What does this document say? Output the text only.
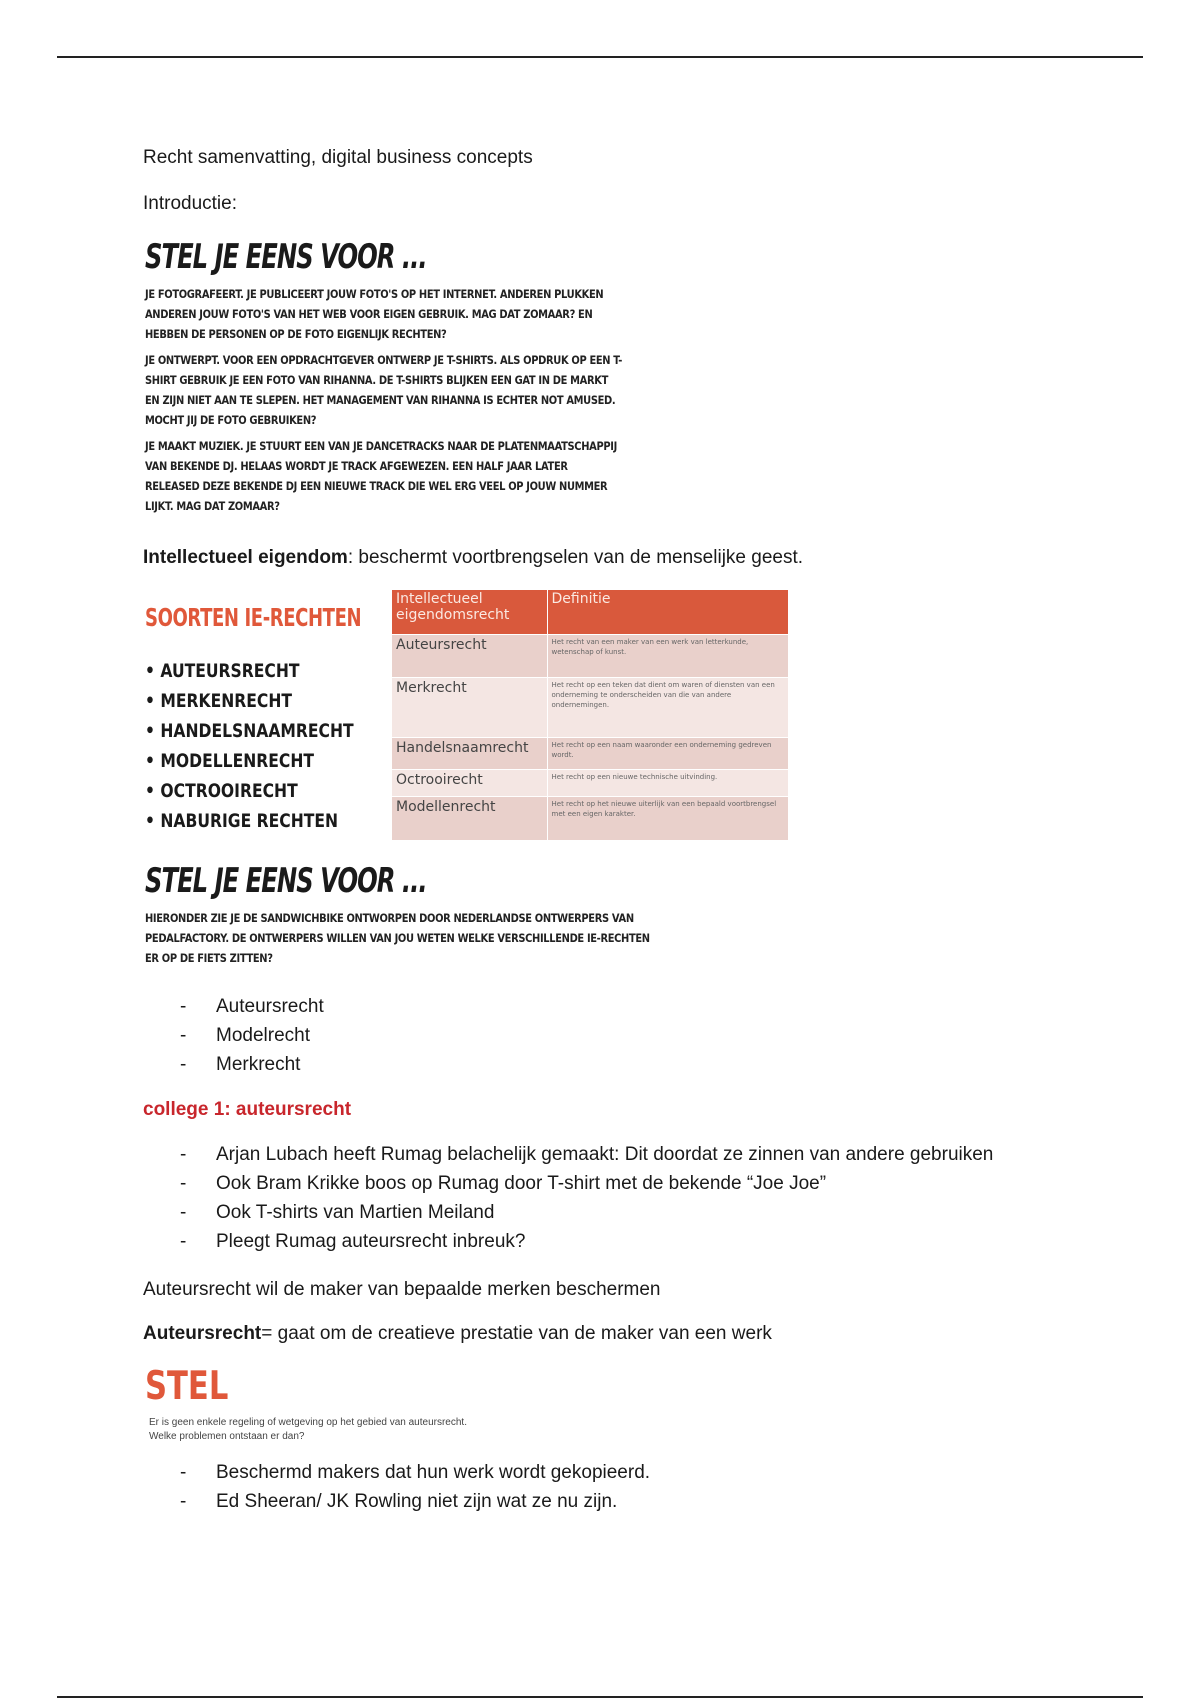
Recht samenvatting, digital business concepts
Introductie:
STEL JE EENS VOOR ...
JE FOTOGRAFEERT. JE PUBLICEERT JOUW FOTO'S OP HET INTERNET. ANDEREN PLUKKEN ANDEREN JOUW FOTO'S VAN HET WEB VOOR EIGEN GEBRUIK. MAG DAT ZOMAAR? EN HEBBEN DE PERSONEN OP DE FOTO EIGENLIJK RECHTEN?
JE ONTWERPT. VOOR EEN OPDRACHTGEVER ONTWERP JE T-SHIRTS. ALS OPDRUK OP EEN T-SHIRT GEBRUIK JE EEN FOTO VAN RIHANNA. DE T-SHIRTS BLIJKEN EEN GAT IN DE MARKT EN ZIJN NIET AAN TE SLEPEN. HET MANAGEMENT VAN RIHANNA IS ECHTER NOT AMUSED. MOCHT JIJ DE FOTO GEBRUIKEN?
JE MAAKT MUZIEK. JE STUURT EEN VAN JE DANCETRACKS NAAR DE PLATENMAATSCHAPPIJ VAN BEKENDE DJ. HELAAS WORDT JE TRACK AFGEWEZEN. EEN HALF JAAR LATER RELEASED DEZE BEKENDE DJ EEN NIEUWE TRACK DIE WEL ERG VEEL OP JOUW NUMMER LIJKT. MAG DAT ZOMAAR?
Intellectueel eigendom: beschermt voortbrengselen van de menselijke geest.
SOORTEN IE-RECHTEN
• AUTEURSRECHT
• MERKENRECHT
• HANDELSNAAMRECHT
• MODELLENRECHT
• OCTROOIRECHT
• NABURIGE RECHTEN
Intellectueel eigendomsrecht	Definitie
Auteursrecht	Het recht van een maker van een werk van letterkunde, wetenschap of kunst.
Merkrecht	Het recht op een teken dat dient om waren of diensten van een onderneming te onderscheiden van die van andere ondernemingen.
Handelsnaamrecht	Het recht op een naam waaronder een onderneming gedreven wordt.
Octrooirecht	Het recht op een nieuwe technische uitvinding.
Modellenrecht	Het recht op het nieuwe uiterlijk van een bepaald voortbrengsel met een eigen karakter.
STEL JE EENS VOOR ...
HIERONDER ZIE JE DE SANDWICHBIKE ONTWORPEN DOOR NEDERLANDSE ONTWERPERS VAN PEDALFACTORY. DE ONTWERPERS WILLEN VAN JOU WETEN WELKE VERSCHILLENDE IE-RECHTEN ER OP DE FIETS ZITTEN?
- Auteursrecht
- Modelrecht
- Merkrecht
college 1: auteursrecht
- Arjan Lubach heeft Rumag belachelijk gemaakt: Dit doordat ze zinnen van andere gebruiken
- Ook Bram Krikke boos op Rumag door T-shirt met de bekende “Joe Joe”
- Ook T-shirts van Martien Meiland
- Pleegt Rumag auteursrecht inbreuk?
Auteursrecht wil de maker van bepaalde merken beschermen
Auteursrecht= gaat om de creatieve prestatie van de maker van een werk
STEL
Er is geen enkele regeling of wetgeving op het gebied van auteursrecht. Welke problemen ontstaan er dan?
- Beschermd makers dat hun werk wordt gekopieerd.
- Ed Sheeran/ JK Rowling niet zijn wat ze nu zijn.
